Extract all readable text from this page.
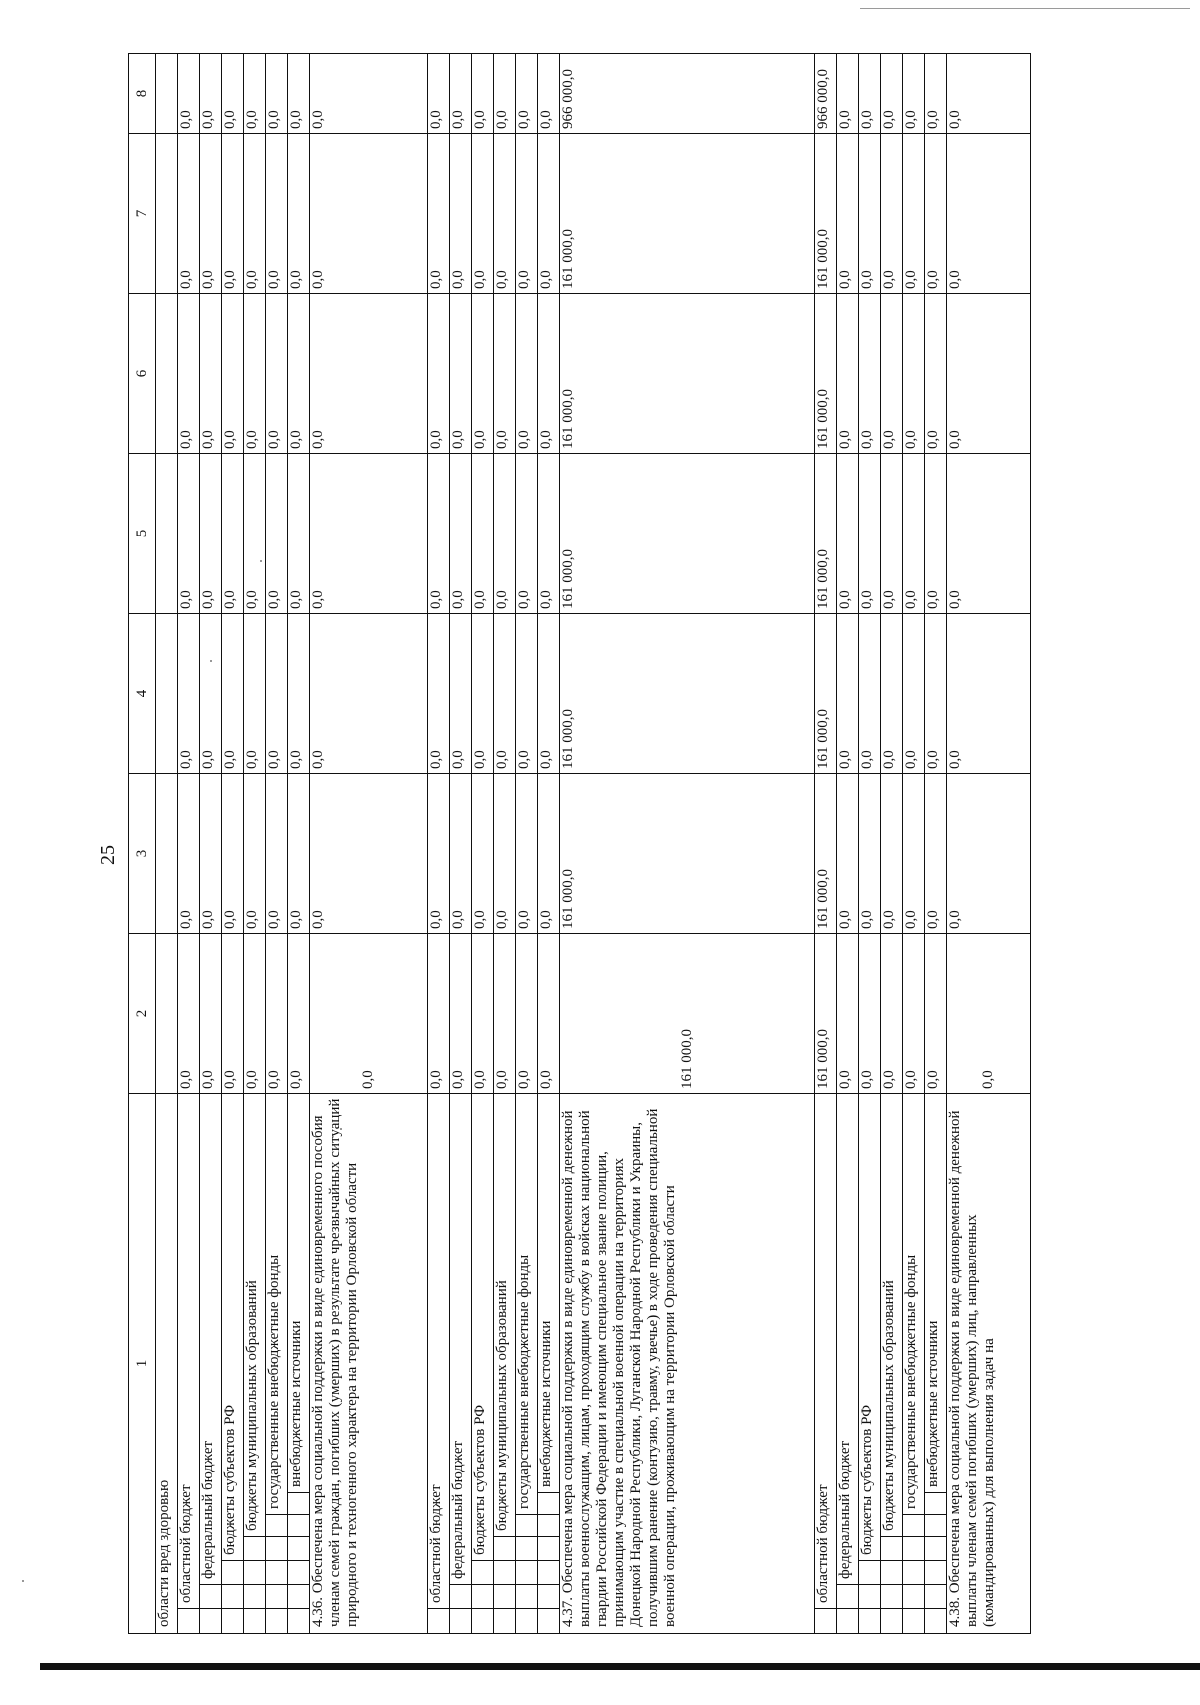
25
1	2	3	4	5	6	7	8

области вред здоровью							

областной бюджет	0,0	0,0	0,0	0,0	0,0	0,0	0,0

федеральный бюджет	0,0	0,0	0,0	0,0	0,0	0,0	0,0

бюджеты субъектов РФ	0,0	0,0	0,0	0,0	0,0	0,0	0,0

бюджеты муниципальных образований	0,0	0,0	0,0	0,0	0,0	0,0	0,0

государственные внебюджетные фонды	0,0	0,0	0,0	0,0	0,0	0,0	0,0

внебюджетные источники	0,0	0,0	0,0	0,0	0,0	0,0	0,0

4.36. Обеспечена мера социальной поддержки в виде единовременного пособия членам семей граждан, погибших (умерших) в результате чрезвычайных ситуаций природного и техногенного характера на территории Орловской области	0,0	0,0	0,0	0,0	0,0	0,0	0,0

областной бюджет	0,0	0,0	0,0	0,0	0,0	0,0	0,0

федеральный бюджет	0,0	0,0	0,0	0,0	0,0	0,0	0,0

бюджеты субъектов РФ	0,0	0,0	0,0	0,0	0,0	0,0	0,0

бюджеты муниципальных образований	0,0	0,0	0,0	0,0	0,0	0,0	0,0

государственные внебюджетные фонды	0,0	0,0	0,0	0,0	0,0	0,0	0,0

внебюджетные источники	0,0	0,0	0,0	0,0	0,0	0,0	0,0

4.37. Обеспечена мера социальной поддержки в виде единовременной денежной выплаты военнослужащим, лицам, проходящим службу в войсках национальной гвардии Российской Федерации и имеющим специальное звание полиции, принимающим участие в специальной военной операции на территориях Донецкой Народной Республики, Луганской Народной Республики и Украины, получившим ранение (контузию, травму, увечье) в ходе проведения специальной военной операции, проживающим на территории Орловской области	161 000,0	161 000,0	161 000,0	161 000,0	161 000,0	161 000,0	966 000,0

областной бюджет	161 000,0	161 000,0	161 000,0	161 000,0	161 000,0	161 000,0	966 000,0

федеральный бюджет	0,0	0,0	0,0	0,0	0,0	0,0	0,0

бюджеты субъектов РФ	0,0	0,0	0,0	0,0	0,0	0,0	0,0

бюджеты муниципальных образований	0,0	0,0	0,0	0,0	0,0	0,0	0,0

государственные внебюджетные фонды	0,0	0,0	0,0	0,0	0,0	0,0	0,0

внебюджетные источники	0,0	0,0	0,0	0,0	0,0	0,0	0,0

4.38. Обеспечена мера социальной поддержки в виде единовременной денежной выплаты членам семей погибших (умерших) лиц, направленных (командированных) для выполнения задач на	0,0	0,0	0,0	0,0	0,0	0,0	0,0
